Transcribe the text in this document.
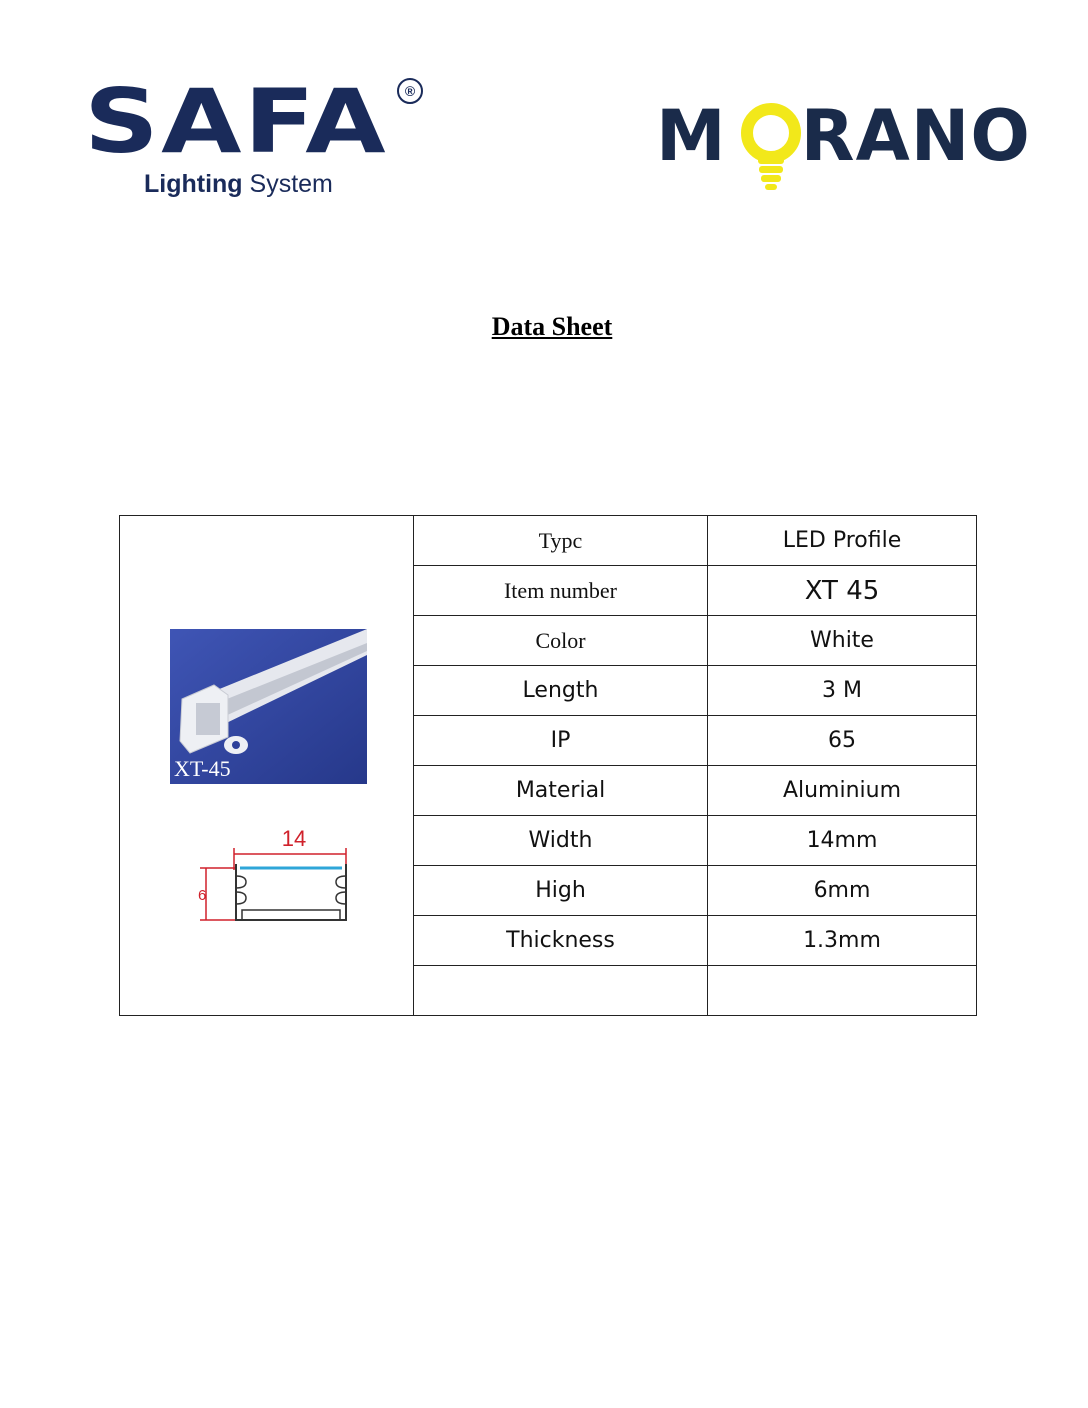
SAFA	®
Lighting System
M RANO
Data Sheet
XT-45
14
6	Typc	LED Profile
	Item number	XT 45
	Color	White
	Length	3 M
	IP	65
	Material	Aluminium
	Width	14mm
	High	6mm
	Thickness	1.3mm
